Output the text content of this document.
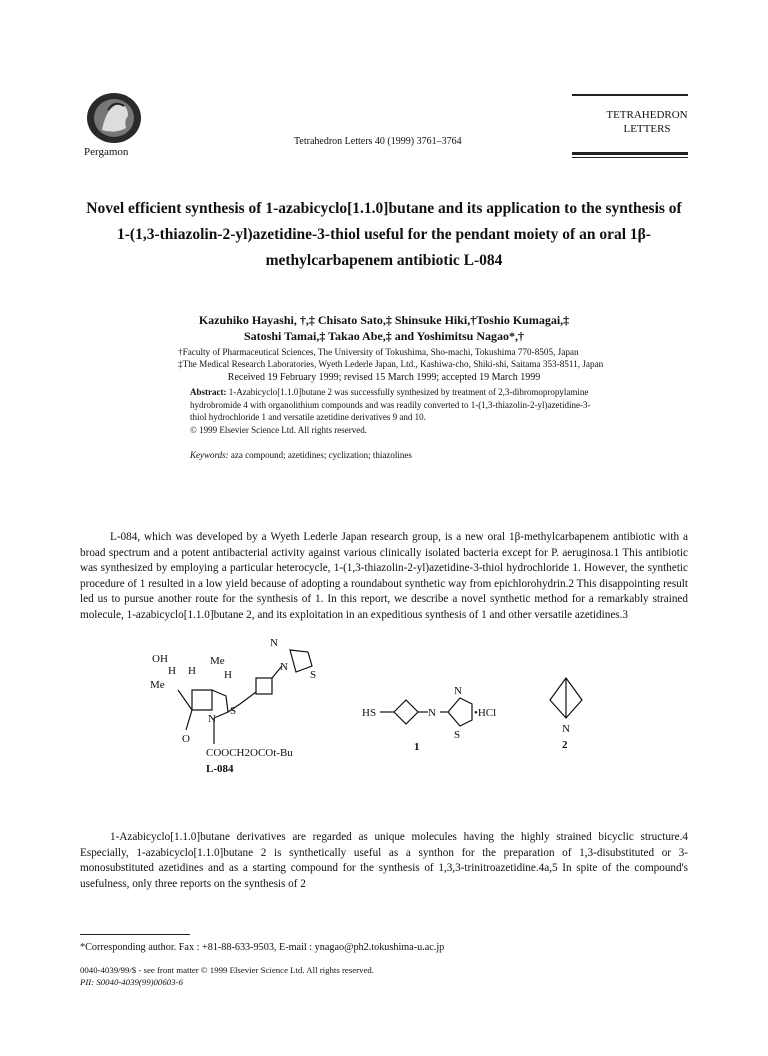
Pergamon
Tetrahedron Letters 40 (1999) 3761–3764
TETRAHEDRON
LETTERS
Novel efficient synthesis of 1-azabicyclo[1.1.0]butane and its application to the synthesis of 1-(1,3-thiazolin-2-yl)azetidine-3-thiol useful for the pendant moiety of an oral 1β-methylcarbapenem antibiotic L-084
Kazuhiko Hayashi, †,‡ Chisato Sato,‡ Shinsuke Hiki,†Toshio Kumagai,‡
Satoshi Tamai,‡ Takao Abe,‡ and Yoshimitsu Nagao*,†
†Faculty of Pharmaceutical Sciences, The University of Tokushima, Sho-machi, Tokushima 770-8505, Japan
‡The Medical Research Laboratories, Wyeth Lederle Japan, Ltd., Kashiwa-cho, Shiki-shi, Saitama 353-8511, Japan
Received 19 February 1999; revised 15 March 1999; accepted 19 March 1999
Abstract: 1-Azabicyclo[1.1.0]butane 2 was successfully synthesized by treatment of 2,3-dibromopropylamine hydrobromide 4 with organolithium compounds and was readily converted to 1-(1,3-thiazolin-2-yl)azetidine-3-thiol hydrochloride 1 and versatile azetidine derivatives 9 and 10.
© 1999 Elsevier Science Ltd. All rights reserved.
Keywords: aza compound; azetidines; cyclization; thiazolines
L-084, which was developed by a Wyeth Lederle Japan research group, is a new oral 1β-methylcarbapenem antibiotic with a broad spectrum and a potent antibacterial activity against various clinically isolated bacteria except for P. aeruginosa.1 This antibiotic was synthesized by employing a particular heterocycle, 1-(1,3-thiazolin-2-yl)azetidine-3-thiol hydrochloride 1. However, the synthetic procedure of 1 resulted in a low yield because of adopting a roundabout synthetic way from epichlorohydrin.2 This disappointing result led us to pursue another route for the synthesis of 1. In this report, we describe a novel synthetic method for a remarkably strained molecule, 1-azabicyclo[1.1.0]butane 2, and its exploitation in an expeditious synthesis of 1 and other versatile azetidines.3
OH
Me
H H
Me
H
N
O
S
N
N
S
COOCH2OCOt-Bu
L-084
HS	N
N
S
•HCl
1
N
2
1-Azabicyclo[1.1.0]butane derivatives are regarded as unique molecules having the highly strained bicyclic structure.4 Especially, 1-azabicyclo[1.1.0]butane 2 is synthetically useful as a synthon for the preparation of 1,3-disubstituted or 3-monosubstituted azetidines and as a starting compound for the synthesis of 1,3,3-trinitroazetidine.4a,5 In spite of the compound's usefulness, only three reports on the synthesis of 2
*Corresponding author. Fax : +81-88-633-9503, E-mail : ynagao@ph2.tokushima-u.ac.jp
0040-4039/99/$ - see front matter © 1999 Elsevier Science Ltd. All rights reserved.
PII: S0040-4039(99)00603-6
